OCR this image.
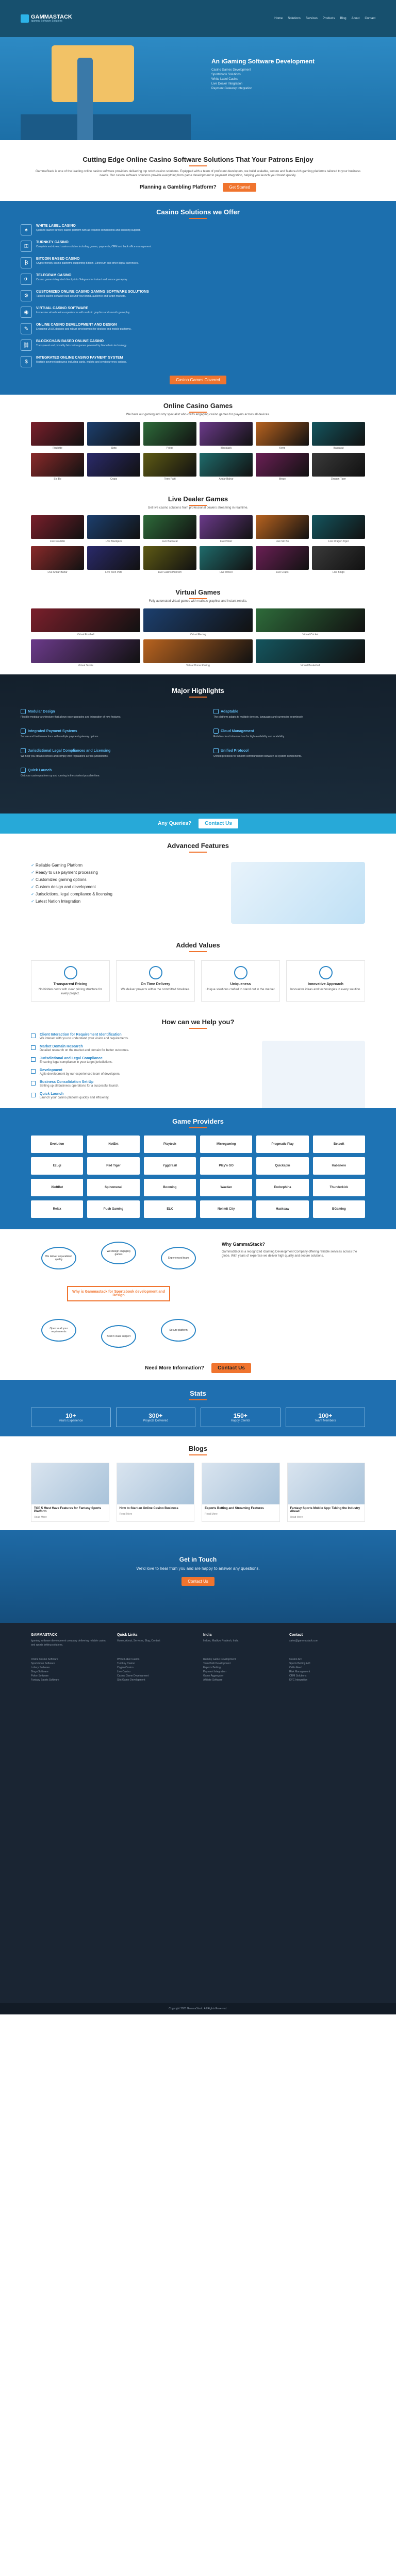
GAMMASTACK
Igaming Software Solutions
Home Solutions Services Products Blog About Contact
An iGaming Software Development
Casino Games Development
Sportsbook Solutions
White Label Casino
Live Dealer Integration
Payment Gateway Integration
Cutting Edge Online Casino Software Solutions That Your Patrons Enjoy
GammaStack is one of the leading online casino software providers delivering top notch casino solutions. Equipped with a team of proficient developers, we build scalable, secure and feature-rich gaming platforms tailored to your business needs. Our casino software solutions provide everything from game development to payment integration, helping you launch your brand quickly.
Planning a Gambling Platform?	Get Started
Casino Solutions we Offer
♠
WHITE LABEL CASINO
Quick to launch turnkey casino platform with all required components and licensing support.
⚿
TURNKEY CASINO
Complete end-to-end casino solution including games, payments, CRM and back office management.
₿
BITCOIN BASED CASINO
Crypto-friendly casino platforms supporting Bitcoin, Ethereum and other digital currencies.
✈
TELEGRAM CASINO
Casino games integrated directly into Telegram for instant and secure gameplay.
⚙
CUSTOMIZED ONLINE CASINO GAMING SOFTWARE SOLUTIONS
Tailored casino software built around your brand, audience and target markets.
◉
VIRTUAL CASINO SOFTWARE
Immersive virtual casino experiences with realistic graphics and smooth gameplay.
✎
ONLINE CASINO DEVELOPMENT AND DESIGN
Engaging UI/UX designs and robust development for desktop and mobile platforms.
⛓
BLOCKCHAIN BASED ONLINE CASINO
Transparent and provably fair casino games powered by blockchain technology.
$
INTEGRATED ONLINE CASINO PAYMENT SYSTEM
Multiple payment gateways including cards, wallets and cryptocurrency options.
Casino Games Covered
Online Casino Games
We have our gaming industry specialist who crafts engaging casino games for players across all devices.
Roulette	Slots	Poker	Blackjack	Keno	Baccarat
Sic Bo	Craps	Teen Patti	Andar Bahar	Bingo	Dragon Tiger
Live Dealer Games
Get live casino solutions from professional dealers streaming in real time.
Live Roulette	Live Blackjack	Live Baccarat	Live Poker	Live Sic Bo	Live Dragon Tiger
Live Andar Bahar	Live Teen Patti	Live Casino Hold'em	Live Wheel	Live Craps	Live Bingo
Virtual Games
Fully automated virtual games with realistic graphics and instant results.
Virtual Football	Virtual Racing	Virtual Cricket
Virtual Tennis	Virtual Horse Racing	Virtual Basketball
Major Highlights
Modular Design
Flexible modular architecture that allows easy upgrades and integration of new features.
Adaptable
The platform adapts to multiple devices, languages and currencies seamlessly.
Integrated Payment Systems
Secure and fast transactions with multiple payment gateway options.
Cloud Management
Reliable cloud infrastructure for high availability and scalability.
Jurisdictional Legal Compliances and Licensing
We help you obtain licenses and comply with regulations across jurisdictions.
Unified Protocol
Unified protocols for smooth communication between all system components.
Quick Launch
Get your casino platform up and running in the shortest possible time.
Any Queries?	Contact Us
Advanced Features
✓ Reliable Gaming Platform
✓ Ready to use payment processing
✓ Customized gaming options
✓ Custom design and development
✓ Jurisdictions, legal compliance & licensing
✓ Latest Nation Integration
Added Values
Transparent Pricing
No hidden costs with clear pricing structure for every project.
On Time Delivery
We deliver projects within the committed timelines.
Uniqueness
Unique solutions crafted to stand out in the market.
Innovative Approach
Innovative ideas and technologies in every solution.
How can we Help you?
Client Interaction for Requirement Identification
We interact with you to understand your vision and requirements.
Market Domain Research
Detailed research on the market and domain for better outcomes.
Jurisdictional and Legal Compliance
Ensuring legal compliance in your target jurisdictions.
Development
Agile development by our experienced team of developers.
Business Consolidation Set-Up
Setting up all business operations for a successful launch.
Quick Launch
Launch your casino platform quickly and efficiently.
Game Providers
Evolution	NetEnt	Playtech	Microgaming	Pragmatic Play	Betsoft
Ezugi	Red Tiger	Yggdrasil	Play'n GO	Quickspin	Habanero
iSoftBet	Spinomenal	Booming	Wazdan	Endorphina	Thunderkick
Relax	Push Gaming	ELK	Nolimit City	Hacksaw	BGaming
We deliver unparalleled quality
We design engaging games
Experienced team
Open to all your requirements
Best in class support
Secure platform
Why is Gammastack for Sportsbook development and Design
Why GammaStack?
GammaStack is a recognized iGaming Development Company offering reliable services across the globe. With years of expertise we deliver high quality and secure solutions.
Need More Information?	Contact Us
Stats
10+
Years Experience
300+
Projects Delivered
150+
Happy Clients
100+
Team Members
Blogs
TOP 5 Must Have Features for Fantasy Sports Platform
Read More
How to Start an Online Casino Business
Read More
Esports Betting and Streaming Features
Read More
Fantasy Sports Mobile App: Taking the Industry Ahead
Read More
Get in Touch
We'd love to hear from you and are happy to answer any questions.
Contact Us
GAMMASTACK
Igaming software development company delivering reliable casino and sports betting solutions.
Quick Links
Home, About, Services, Blog, Contact
India
Indore, Madhya Pradesh, India
Contact
sales@gammastack.com
Online Casino Software
Sportsbook Software
Lottery Software
Bingo Software
Poker Software
Fantasy Sports Software
White Label Casino
Turnkey Casino
Crypto Casino
Live Casino
Casino Game Development
Slot Game Development
Rummy Game Development
Teen Patti Development
Esports Betting
Payment Integration
Game Aggregator
Affiliate Software
Casino API
Sports Betting API
Odds Feed
Risk Management
CRM Solutions
KYC Integration
Copyright 2023 GammaStack. All Rights Reserved.
